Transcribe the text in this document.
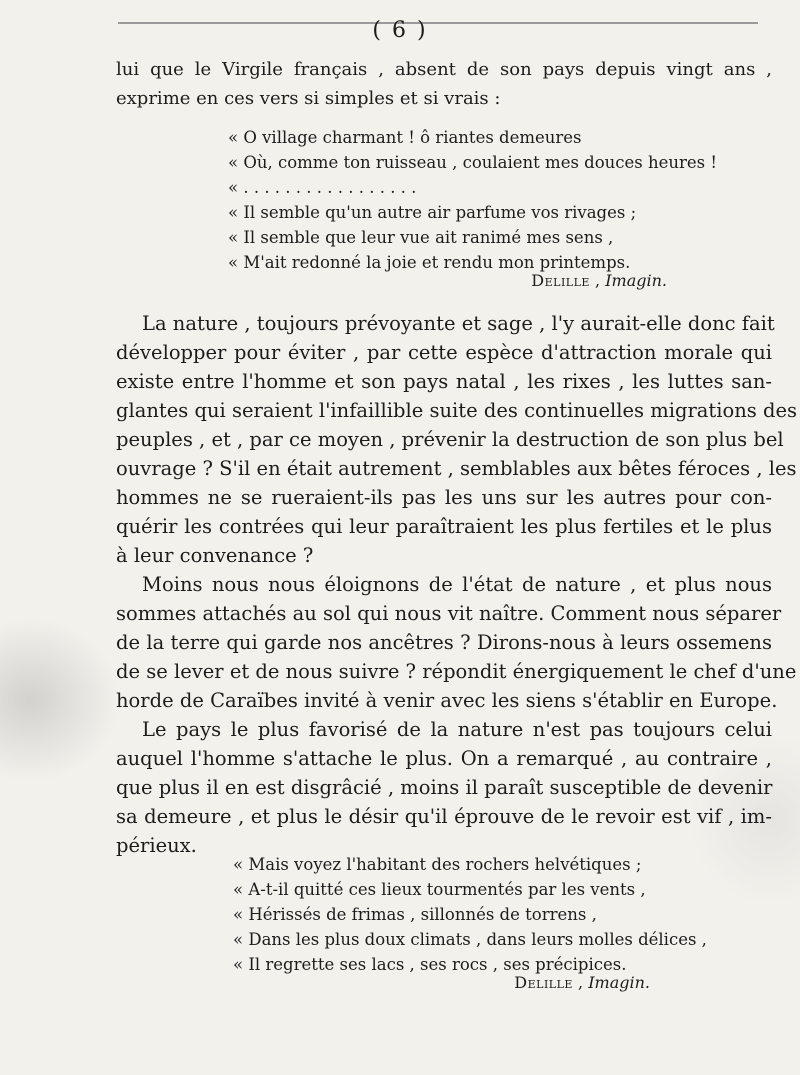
( 6 )
lui que le Virgile français , absent de son pays depuis vingt ans ,
exprime en ces vers si simples et si vrais :
« O village charmant ! ô riantes demeures
« Où, comme ton ruisseau , coulaient mes douces heures !
« . . . . . . . . . . . . . . . . .
« Il semble qu'un autre air parfume vos rivages ;
« Il semble que leur vue ait ranimé mes sens ,
« M'ait redonné la joie et rendu mon printemps.
Delille , Imagin.
La nature , toujours prévoyante et sage , l'y aurait-elle donc fait
développer pour éviter , par cette espèce d'attraction morale qui
existe entre l'homme et son pays natal , les rixes , les luttes san-
glantes qui seraient l'infaillible suite des continuelles migrations des
peuples , et , par ce moyen , prévenir la destruction de son plus bel
ouvrage ? S'il en était autrement , semblables aux bêtes féroces , les
hommes ne se rueraient-ils pas les uns sur les autres pour con-
quérir les contrées qui leur paraîtraient les plus fertiles et le plus
à leur convenance ?
Moins nous nous éloignons de l'état de nature , et plus nous
sommes attachés au sol qui nous vit naître. Comment nous séparer
de la terre qui garde nos ancêtres ? Dirons-nous à leurs ossemens
de se lever et de nous suivre ? répondit énergiquement le chef d'une
horde de Caraïbes invité à venir avec les siens s'établir en Europe.
Le pays le plus favorisé de la nature n'est pas toujours celui
auquel l'homme s'attache le plus. On a remarqué , au contraire ,
que plus il en est disgrâcié , moins il paraît susceptible de devenir
sa demeure , et plus le désir qu'il éprouve de le revoir est vif , im-
périeux.
« Mais voyez l'habitant des rochers helvétiques ;
« A-t-il quitté ces lieux tourmentés par les vents ,
« Hérissés de frimas , sillonnés de torrens ,
« Dans les plus doux climats , dans leurs molles délices ,
« Il regrette ses lacs , ses rocs , ses précipices.
Delille , Imagin.
